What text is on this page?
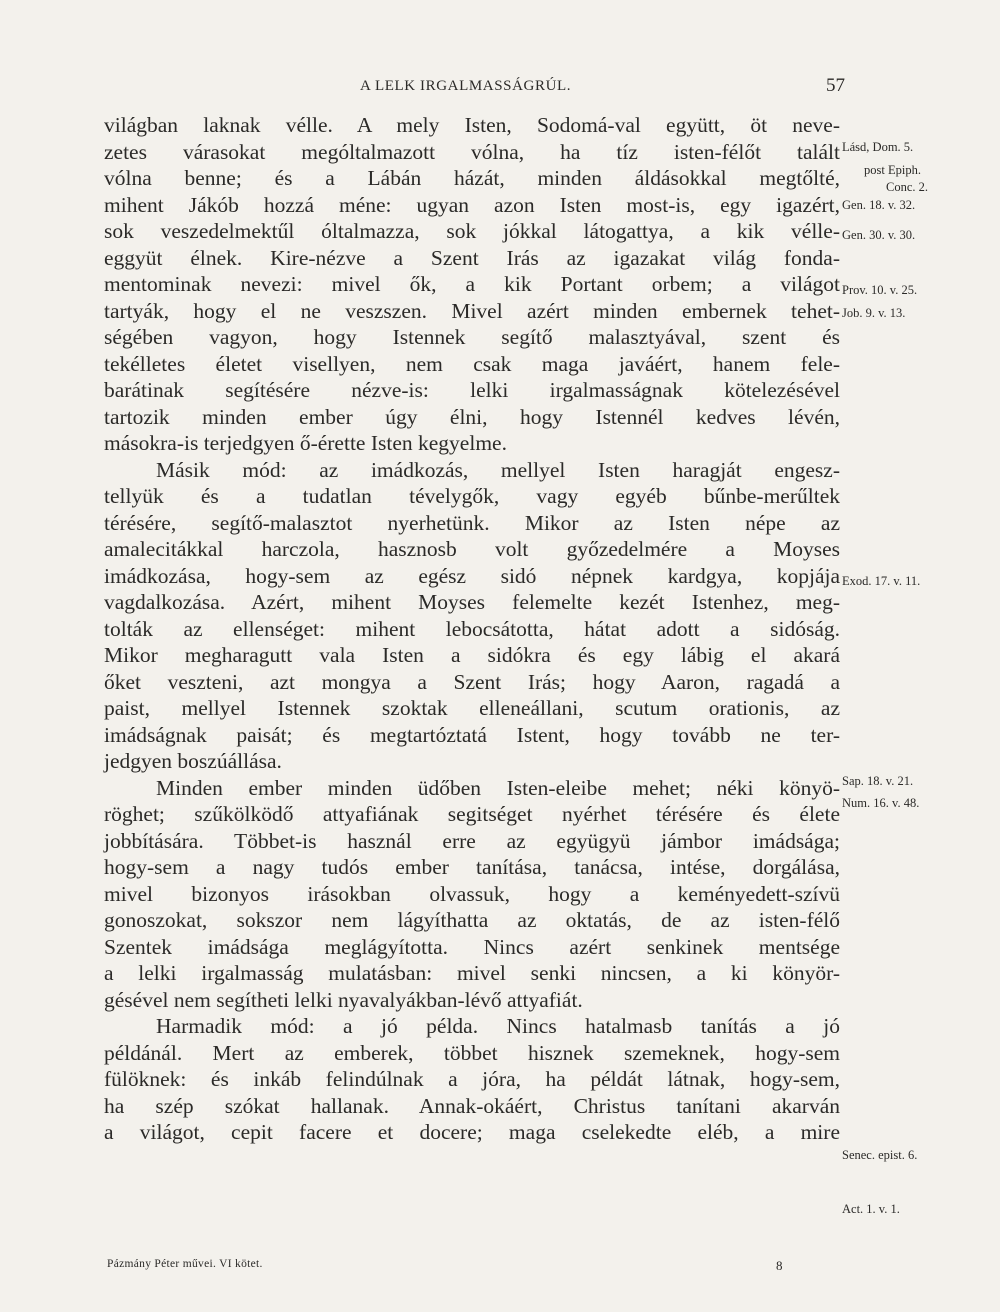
A LELK IRGALMASSÁGRÚL.	57
világban laknak vélle. A mely Isten, Sodomá-val együtt, öt neve-
zetes várasokat mególtalmazott vólna, ha tíz isten-félőt talált
vólna benne; és a Lábán házát, minden áldásokkal megtőlté,
mihent Jákób hozzá méne: ugyan azon Isten most-is, egy igazért,
sok veszedelmektűl óltalmazza, sok jókkal látogattya, a kik vélle-
eggyüt élnek. Kire-nézve a Szent Irás az igazakat világ fonda-
mentominak nevezi: mivel ők, a kik Portant orbem; a világot
tartyák, hogy el ne veszszen. Mivel azért minden embernek tehet-
ségében vagyon, hogy Istennek segítő malasztyával, szent és
tekélletes életet visellyen, nem csak maga javáért, hanem fele-
barátinak segítésére nézve-is: lelki irgalmasságnak kötelezésével
tartozik minden ember úgy élni, hogy Istennél kedves lévén,
másokra-is terjedgyen ő-érette Isten kegyelme.
Másik mód: az imádkozás, mellyel Isten haragját engesz-
tellyük és a tudatlan tévelygők, vagy egyéb bűnbe-merűltek
térésére, segítő-malasztot nyerhetünk. Mikor az Isten népe az
amalecitákkal harczola, hasznosb volt győzedelmére a Moyses
imádkozása, hogy-sem az egész sidó népnek kardgya, kopjája
vagdalkozása. Azért, mihent Moyses felemelte kezét Istenhez, meg-
tolták az ellenséget: mihent lebocsátotta, hátat adott a sidóság.
Mikor megharagutt vala Isten a sidókra és egy lábig el akará
őket veszteni, azt mongya a Szent Irás; hogy Aaron, ragadá a
paist, mellyel Istennek szoktak elleneállani, scutum orationis, az
imádságnak paisát; és megtartóztatá Istent, hogy tovább ne ter-
jedgyen boszúállása.
Minden ember minden üdőben Isten-eleibe mehet; néki könyö-
röghet; szűkölködő attyafiának segitséget nyérhet térésére és élete
jobbítására. Többet-is használ erre az együgyü jámbor imádsága;
hogy-sem a nagy tudós ember tanítása, tanácsa, intése, dorgálása,
mivel bizonyos irásokban olvassuk, hogy a keményedett-szívü
gonoszokat, sokszor nem lágyíthatta az oktatás, de az isten-félő
Szentek imádsága meglágyította. Nincs azért senkinek mentsége
a lelki irgalmasság mulatásban: mivel senki nincsen, a ki könyör-
gésével nem segítheti lelki nyavalyákban-lévő attyafiát.
Harmadik mód: a jó példa. Nincs hatalmasb tanítás a jó
példánál. Mert az emberek, többet hisznek szemeknek, hogy-sem
fülöknek: és inkáb felindúlnak a jóra, ha példát látnak, hogy-sem,
ha szép szókat hallanak. Annak-okáért, Christus tanítani akarván
a világot, cepit facere et docere; maga cselekedte eléb, a mire
Lásd, Dom. 5.
post Epiph.
Conc. 2.
Gen. 18. v. 32.
Gen. 30. v. 30.
Prov. 10. v. 25.
Job. 9. v. 13.
Exod. 17. v. 11.
Sap. 18. v. 21.
Num. 16. v. 48.
Senec. epist. 6.
Act. 1. v. 1.
Pázmány Péter művei. VI kötet.	8
